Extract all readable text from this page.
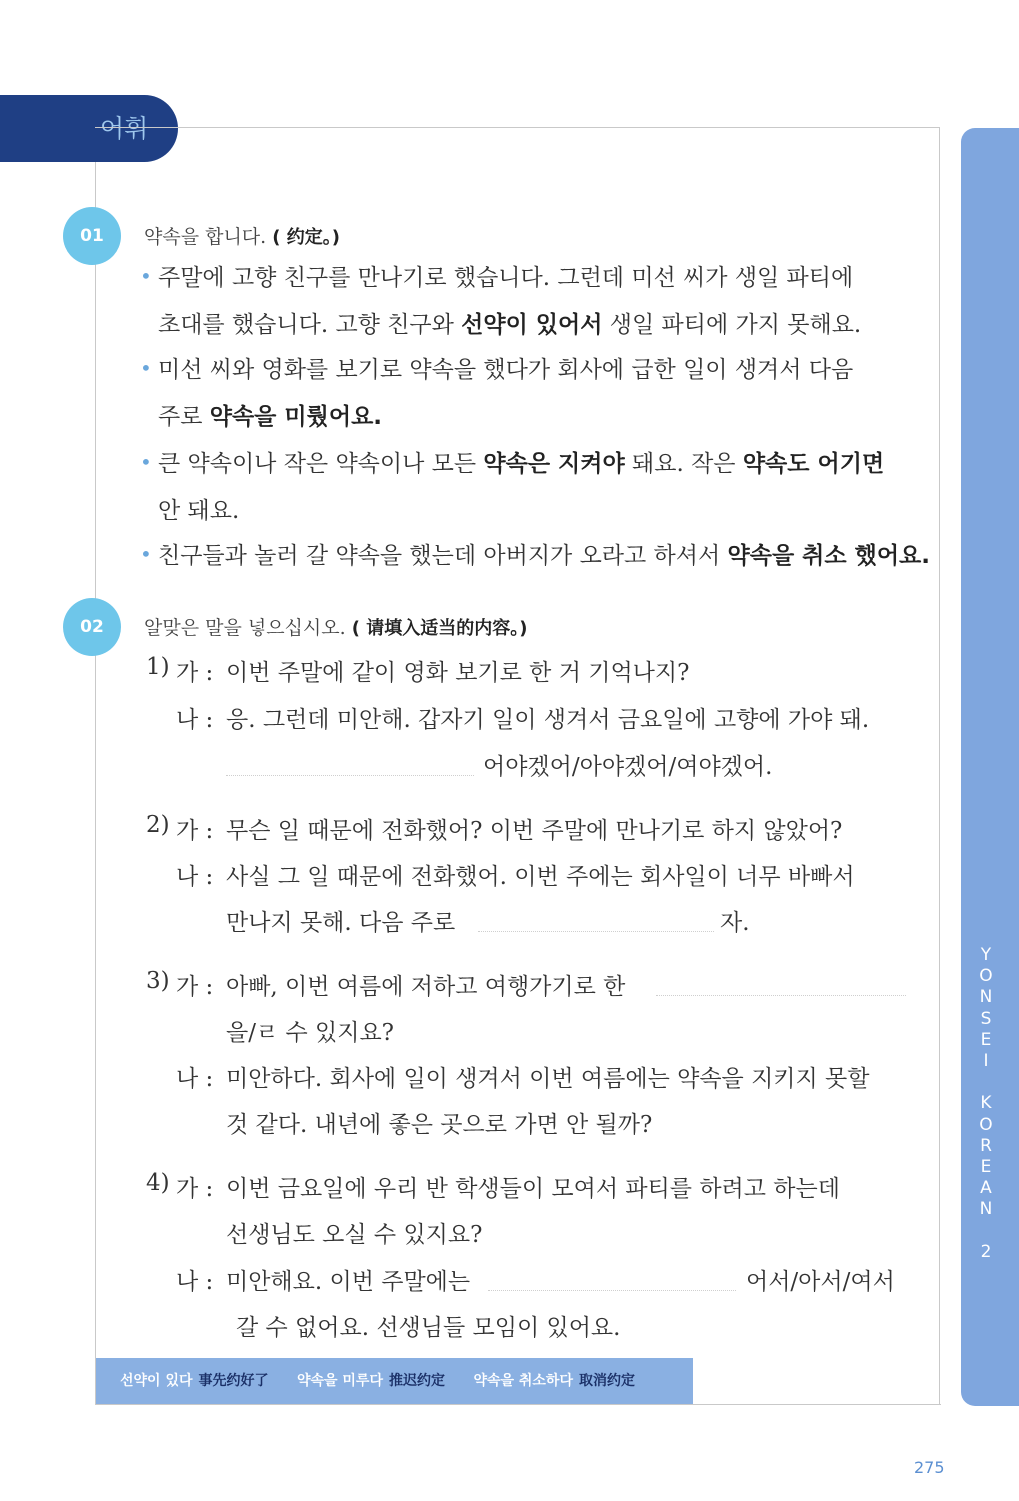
어휘
Y
O
N
S
E
I

K
O
R
E
A
N

2
01	약속을 합니다. ( 约定。)
• 주말에 고향 친구를 만나기로 했습니다. 그런데 미선 씨가 생일 파티에
초대를 했습니다. 고향 친구와 선약이 있어서 생일 파티에 가지 못해요.
• 미선 씨와 영화를 보기로 약속을 했다가 회사에 급한 일이 생겨서 다음
주로 약속을 미뤘어요.
• 큰 약속이나 작은 약속이나 모든 약속은 지켜야 돼요. 작은 약속도 어기면
안 돼요.
• 친구들과 놀러 갈 약속을 했는데 아버지가 오라고 하셔서 약속을 취소 했어요.
02	알맞은 말을 넣으십시오. ( 请填入适当的内容。)
1) 가 : 이번 주말에 같이 영화 보기로 한 거 기억나지?
나 : 응. 그런데 미안해. 갑자기 일이 생겨서 금요일에 고향에 가야 돼.
어야겠어/아야겠어/여야겠어.
2) 가 : 무슨 일 때문에 전화했어? 이번 주말에 만나기로 하지 않았어?
나 : 사실 그 일 때문에 전화했어. 이번 주에는 회사일이 너무 바빠서
만나지 못해. 다음 주로	자.
3) 가 : 아빠, 이번 여름에 저하고 여행가기로 한
을/ㄹ 수 있지요?
나 : 미안하다. 회사에 일이 생겨서 이번 여름에는 약속을 지키지 못할
것 같다. 내년에 좋은 곳으로 가면 안 될까?
4) 가 : 이번 금요일에 우리 반 학생들이 모여서 파티를 하려고 하는데
선생님도 오실 수 있지요?
나 : 미안해요. 이번 주말에는	어서/아서/여서
갈 수 없어요. 선생님들 모임이 있어요.
선약이 있다 事先约好了 약속을 미루다 推迟约定 약속을 취소하다 取消约定
275
